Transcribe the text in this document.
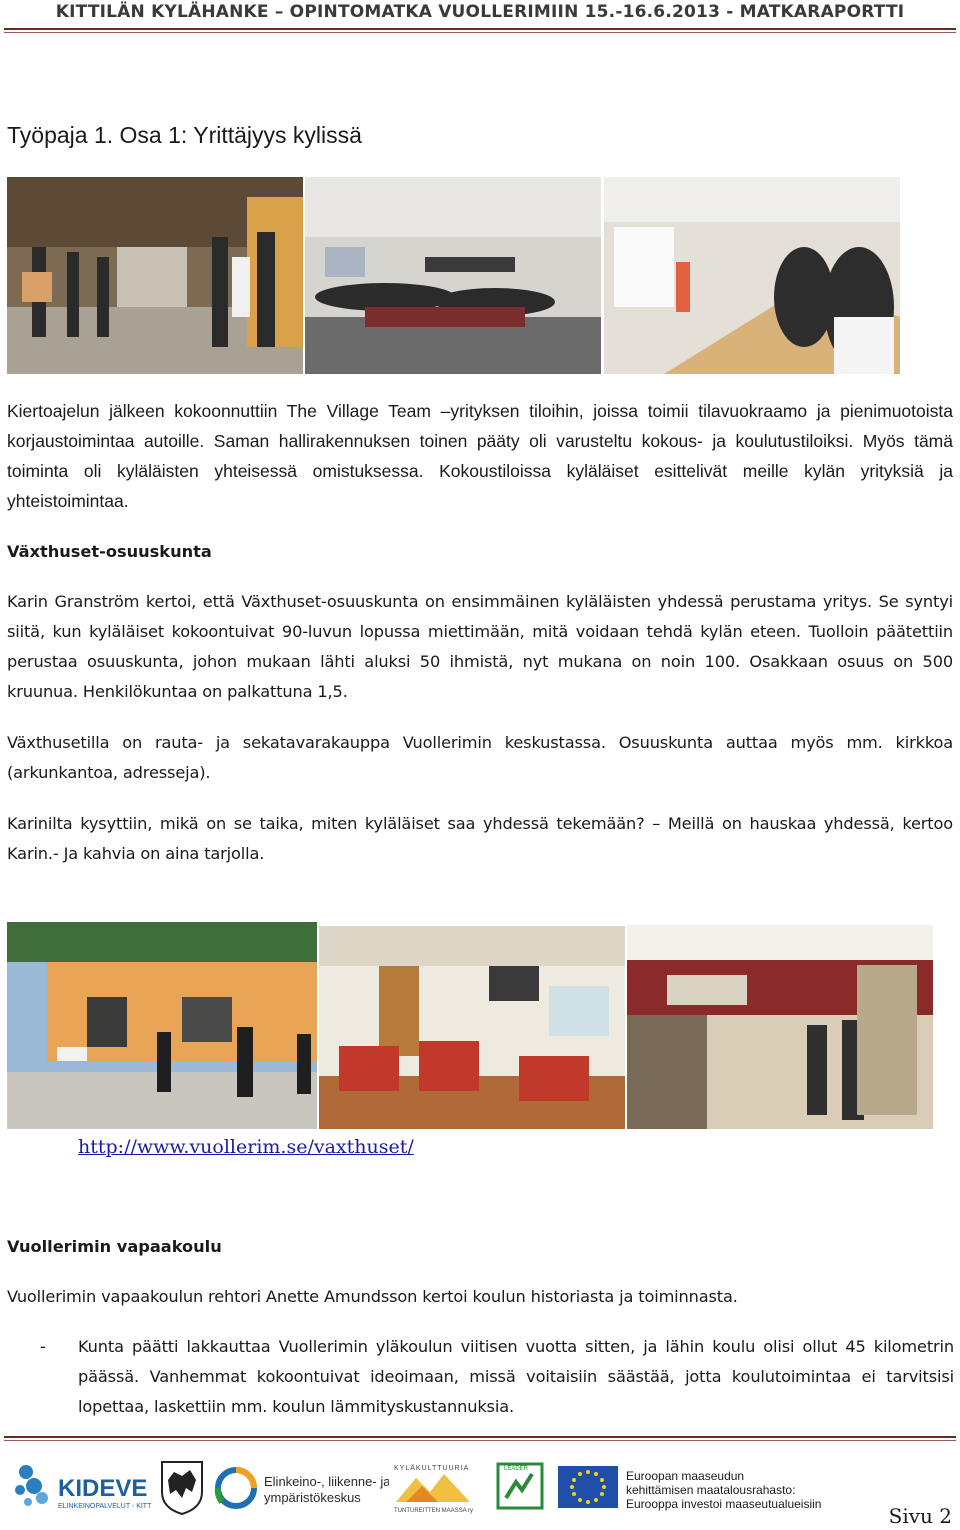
KITTILÄN KYLÄHANKE – OPINTOMATKA VUOLLERIMIIN 15.-16.6.2013 - MATKARAPORTTI
Työpaja 1. Osa 1: Yrittäjyys kylissä
Kiertoajelun jälkeen kokoonnuttiin The Village Team –yrityksen tiloihin, joissa toimii tilavuokraamo ja pienimuotoista korjaustoimintaa autoille. Saman hallirakennuksen toinen pääty oli varusteltu kokous- ja koulutustiloiksi. Myös tämä toiminta oli kyläläisten yhteisessä omistuksessa. Kokoustiloissa kyläläiset esittelivät meille kylän yrityksiä ja yhteistoimintaa.
Växthuset-osuuskunta
Karin Granström kertoi, että Växthuset-osuuskunta on ensimmäinen kyläläisten yhdessä perustama yritys. Se syntyi siitä, kun kyläläiset kokoontuivat 90-luvun lopussa miettimään, mitä voidaan tehdä kylän eteen. Tuolloin päätettiin perustaa osuuskunta, johon mukaan lähti aluksi 50 ihmistä, nyt mukana on noin 100. Osakkaan osuus on 500 kruunua. Henkilökuntaa on palkattuna 1,5.
Växthusetilla on rauta- ja sekatavarakauppa Vuollerimin keskustassa. Osuuskunta auttaa myös mm. kirkkoa (arkunkantoa, adresseja).
Karinilta kysyttiin, mikä on se taika, miten kyläläiset saa yhdessä tekemään? – Meillä on hauskaa yhdessä, kertoo Karin.- Ja kahvia on aina tarjolla.
http://www.vuollerim.se/vaxthuset/
Vuollerimin vapaakoulu
Vuollerimin vapaakoulun rehtori Anette Amundsson kertoi koulun historiasta ja toiminnasta.
- Kunta päätti lakkauttaa Vuollerimin yläkoulun viitisen vuotta sitten, ja lähin koulu olisi ollut 45 kilometrin päässä. Vanhemmat kokoontuivat ideoimaan, missä voitaisiin säästää, jotta koulutoimintaa ei tarvitsisi lopettaa, laskettiin mm. koulun lämmityskustannuksia.
KIDEVE
ELINKEINOPALVELUT - KITTILÄ
Elinkeino-, liikenne- ja
ympäristökeskus
KYLÄKULTTUURIA
TUNTUREITTEN MAASSA ry
LEADER	Euroopan maaseudun
kehittämisen maatalousrahasto:
Eurooppa investoi maaseutualueisiin	Sivu 2
